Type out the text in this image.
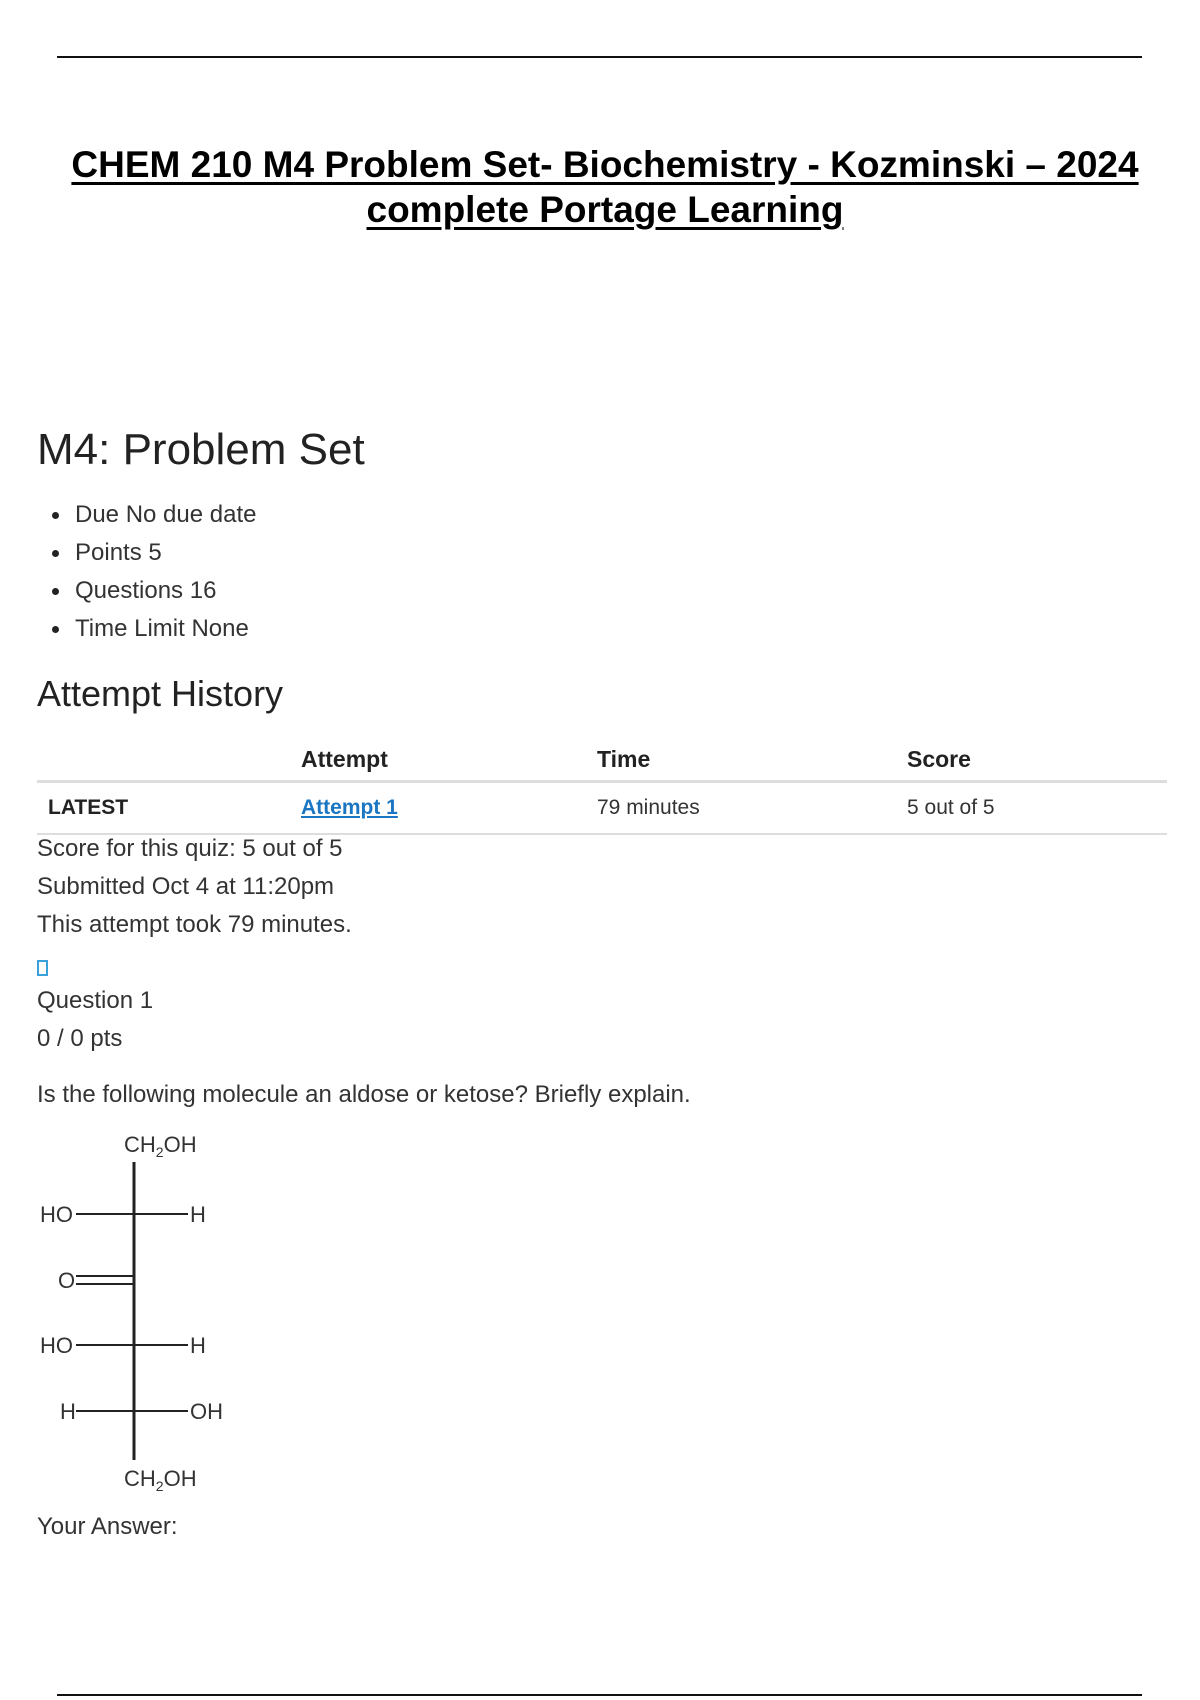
CHEM 210 M4 Problem Set- Biochemistry - Kozminski – 2024 complete Portage Learning
M4: Problem Set
Due No due date
Points 5
Questions 16
Time Limit None
Attempt History
	Attempt	Time	Score
LATEST	Attempt 1	79 minutes	5 out of 5
Score for this quiz: 5 out of 5
Submitted Oct 4 at 11:20pm
This attempt took 79 minutes.
Question 1
0 / 0 pts
Is the following molecule an aldose or ketose? Briefly explain.
$CH_2OH$
HO	H
O
HO	H
H	OH
$CH_2OH$
Your Answer:
